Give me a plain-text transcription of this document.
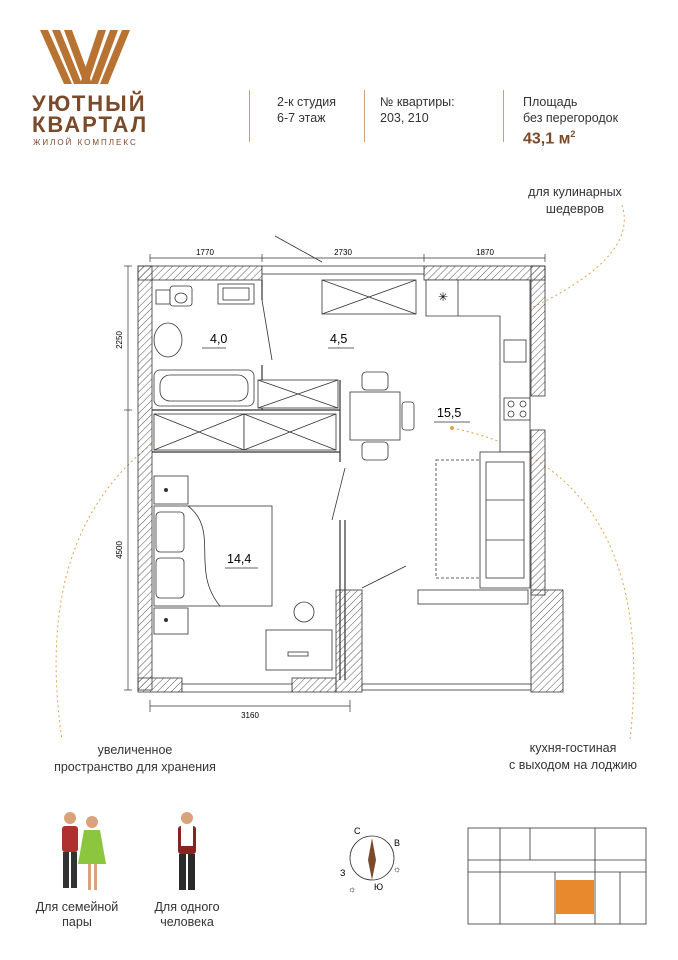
УЮТНЫЙ
КВАРТАЛ
ЖИЛОЙ КОМПЛЕКС
2-к студия
6-7 этаж
№ квартиры:
203, 210
Площадь
без перегородок
43,1 $м^2$
для кулинарных
шедевров
увеличенное
пространство для хранения
кухня-гостиная
с выходом на лоджию
1770	2730	1870
2250
4500
3160
✳
4,0	4,5
15,5
14,4
С
В
Ю
З
☼
☼
Для семейной
пары
Для одного
человека
